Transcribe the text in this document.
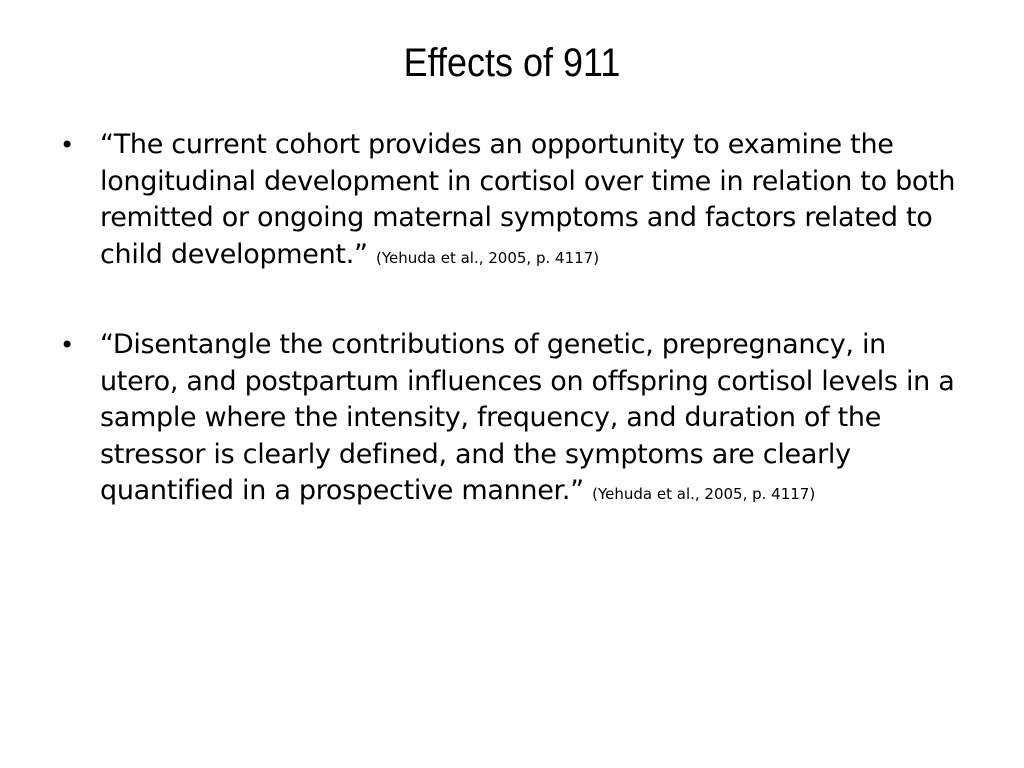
Effects of 911
• “The current cohort provides an opportunity to examine the longitudinal development in cortisol over time in relation to both remitted or ongoing maternal symptoms and factors related to child development.” (Yehuda et al., 2005, p. 4117)
• “Disentangle the contributions of genetic, prepregnancy, in utero, and postpartum influences on offspring cortisol levels in a sample where the intensity, frequency, and duration of the stressor is clearly defined, and the symptoms are clearly quantified in a prospective manner.” (Yehuda et al., 2005, p. 4117)
